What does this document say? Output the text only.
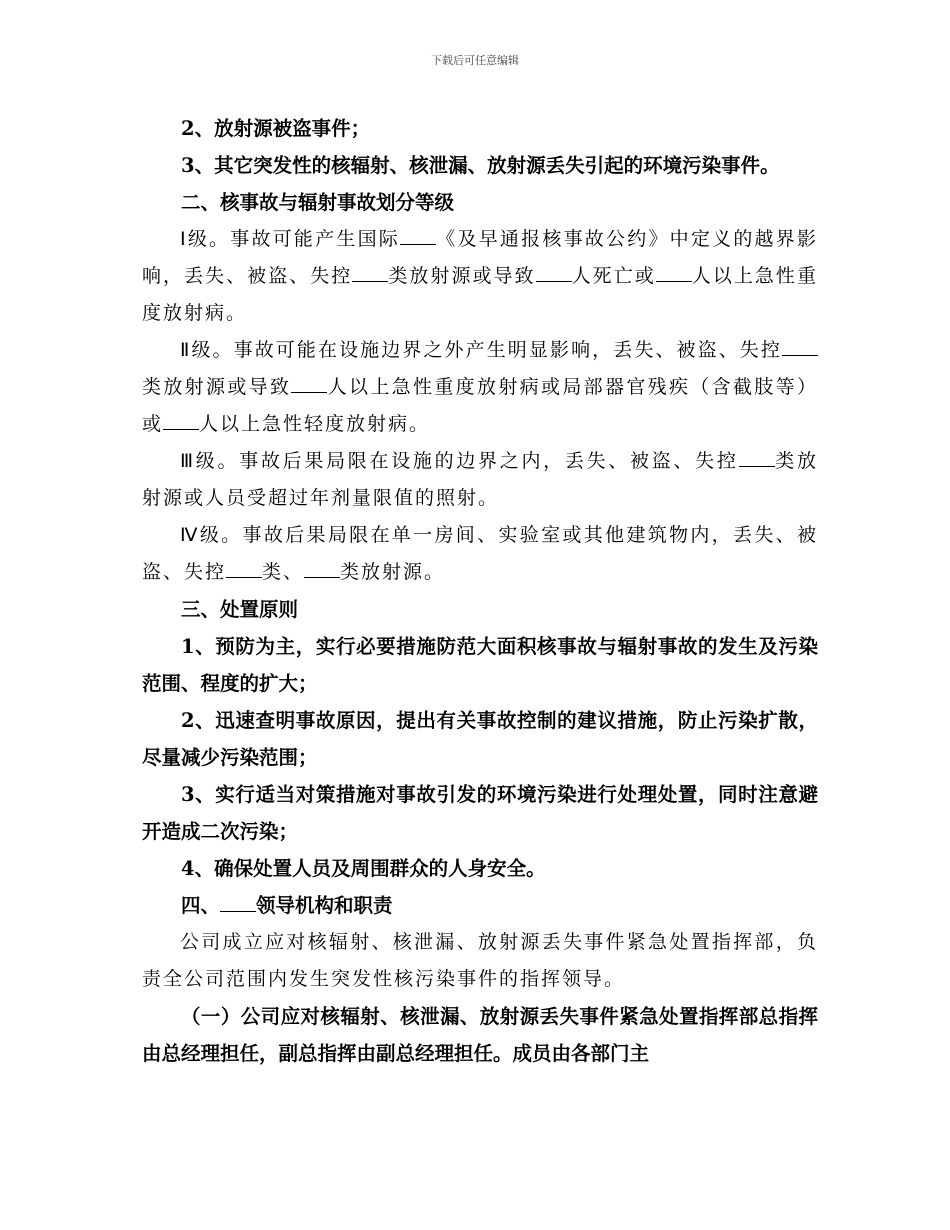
下载后可任意编辑

2、放射源被盗事件；

3、其它突发性的核辐射、核泄漏、放射源丢失引起的环境污染事件。

二、核事故与辐射事故划分等级

Ⅰ级。事故可能产生国际 《及早通报核事故公约》中定义的越界影响，丢失、被盗、失控 类放射源或导致 人死亡或 人以上急性重度放射病。

Ⅱ级。事故可能在设施边界之外产生明显影响，丢失、被盗、失控类放射源或导致 人以上急性重度放射病或局部器官残疾（含截肢等）或 人以上急性轻度放射病。

Ⅲ级。事故后果局限在设施的边界之内，丢失、被盗、失控 类放射源或人员受超过年剂量限值的照射。

Ⅳ级。事故后果局限在单一房间、实验室或其他建筑物内，丢失、被盗、失控 类、 类放射源。

三、处置原则

1、预防为主，实行必要措施防范大面积核事故与辐射事故的发生及污染范围、程度的扩大；

2、迅速查明事故原因，提出有关事故控制的建议措施，防止污染扩散，尽量减少污染范围；

3、实行适当对策措施对事故引发的环境污染进行处理处置，同时注意避开造成二次污染；

4、确保处置人员及周围群众的人身安全。

四、 领导机构和职责

公司成立应对核辐射、核泄漏、放射源丢失事件紧急处置指挥部，负责全公司范围内发生突发性核污染事件的指挥领导。

（一）公司应对核辐射、核泄漏、放射源丢失事件紧急处置指挥部总指挥由总经理担任，副总指挥由副总经理担任。成员由各部门主
